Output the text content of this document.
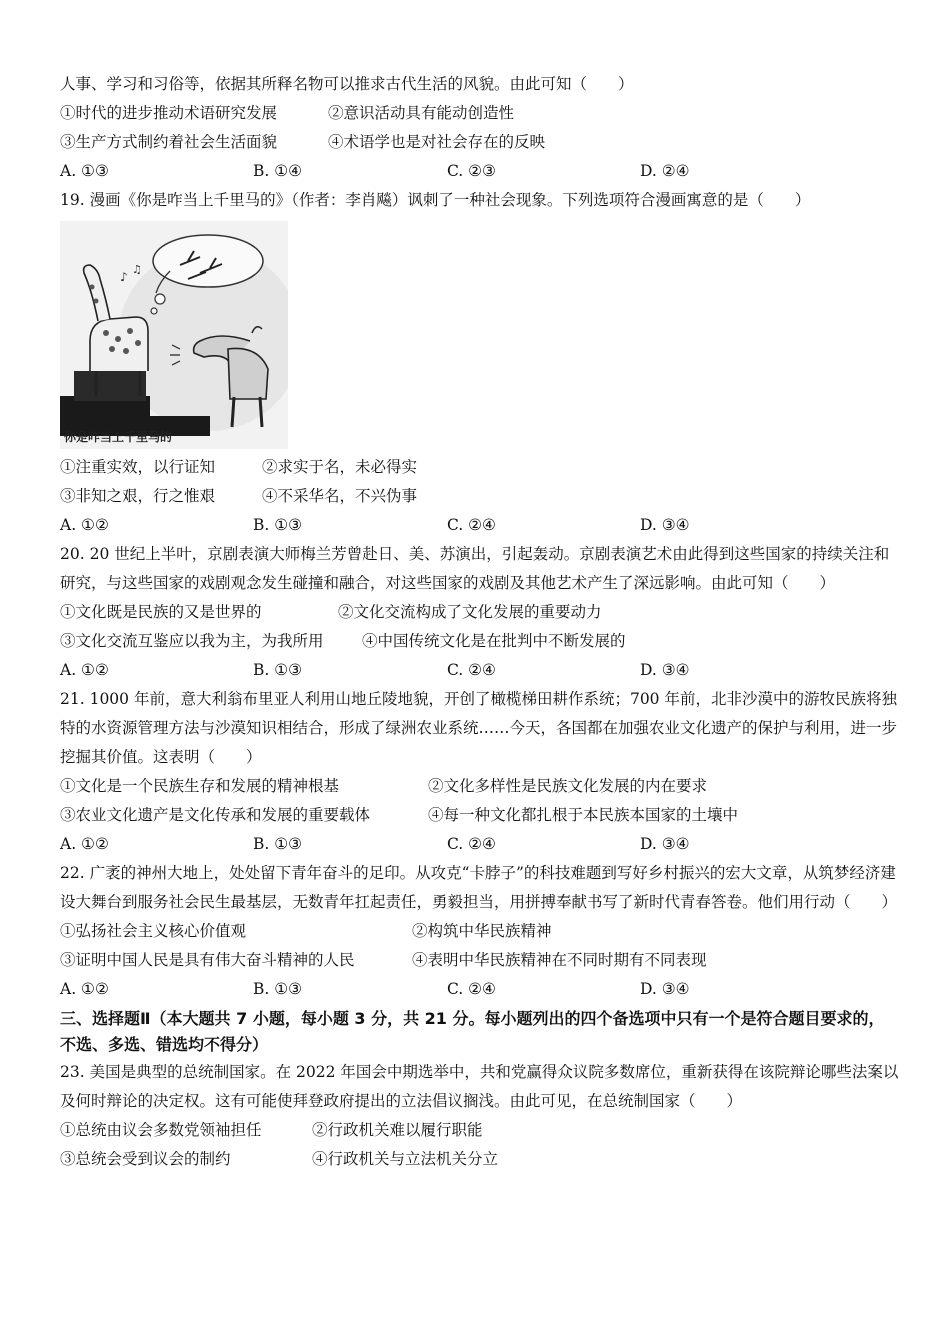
人事、学习和习俗等，依据其所释名物可以推求古代生活的风貌。由此可知（　　）
①时代的进步推动术语研究发展	②意识活动具有能动创造性
③生产方式制约着社会生活面貌	④术语学也是对社会存在的反映
A. ①③	B. ①④	C. ②③	D. ②④
19. 漫画《你是咋当上千里马的》（作者：李肖飚）讽刺了一种社会现象。下列选项符合漫画寓意的是（　　）
♪
♫
你是咋当上千里马的
①注重实效，以行证知	②求实于名，未必得实
③非知之艰，行之惟艰	④不采华名，不兴伪事
A. ①②	B. ①③	C. ②④	D. ③④
20. 20 世纪上半叶，京剧表演大师梅兰芳曾赴日、美、苏演出，引起轰动。京剧表演艺术由此得到这些国家的持续关注和研究，与这些国家的戏剧观念发生碰撞和融合，对这些国家的戏剧及其他艺术产生了深远影响。由此可知（　　）
①文化既是民族的又是世界的	②文化交流构成了文化发展的重要动力
③文化交流互鉴应以我为主，为我所用 ④中国传统文化是在批判中不断发展的
A. ①②	B. ①③	C. ②④	D. ③④
21. 1000 年前，意大利翁布里亚人利用山地丘陵地貌，开创了橄榄梯田耕作系统；700 年前，北非沙漠中的游牧民族将独特的水资源管理方法与沙漠知识相结合，形成了绿洲农业系统……今天，各国都在加强农业文化遗产的保护与利用，进一步挖掘其价值。这表明（　　）
①文化是一个民族生存和发展的精神根基	②文化多样性是民族文化发展的内在要求
③农业文化遗产是文化传承和发展的重要载体	④每一种文化都扎根于本民族本国家的土壤中
A. ①②	B. ①③	C. ②④	D. ③④
22. 广袤的神州大地上，处处留下青年奋斗的足印。从攻克“卡脖子”的科技难题到写好乡村振兴的宏大文章，从筑梦经济建设大舞台到服务社会民生最基层，无数青年扛起责任，勇毅担当，用拼搏奉献书写了新时代青春答卷。他们用行动（　　）
①弘扬社会主义核心价值观	②构筑中华民族精神
③证明中国人民是具有伟大奋斗精神的人民	④表明中华民族精神在不同时期有不同表现
A. ①②	B. ①③	C. ②④	D. ③④
三、选择题Ⅱ（本大题共 7 小题，每小题 3 分，共 21 分。每小题列出的四个备选项中只有一个是符合题目要求的，不选、多选、错选均不得分）
23. 美国是典型的总统制国家。在 2022 年国会中期选举中，共和党赢得众议院多数席位，重新获得在该院辩论哪些法案以及何时辩论的决定权。这有可能使拜登政府提出的立法倡议搁浅。由此可见，在总统制国家（　　）
①总统由议会多数党领袖担任	②行政机关难以履行职能
③总统会受到议会的制约	④行政机关与立法机关分立
